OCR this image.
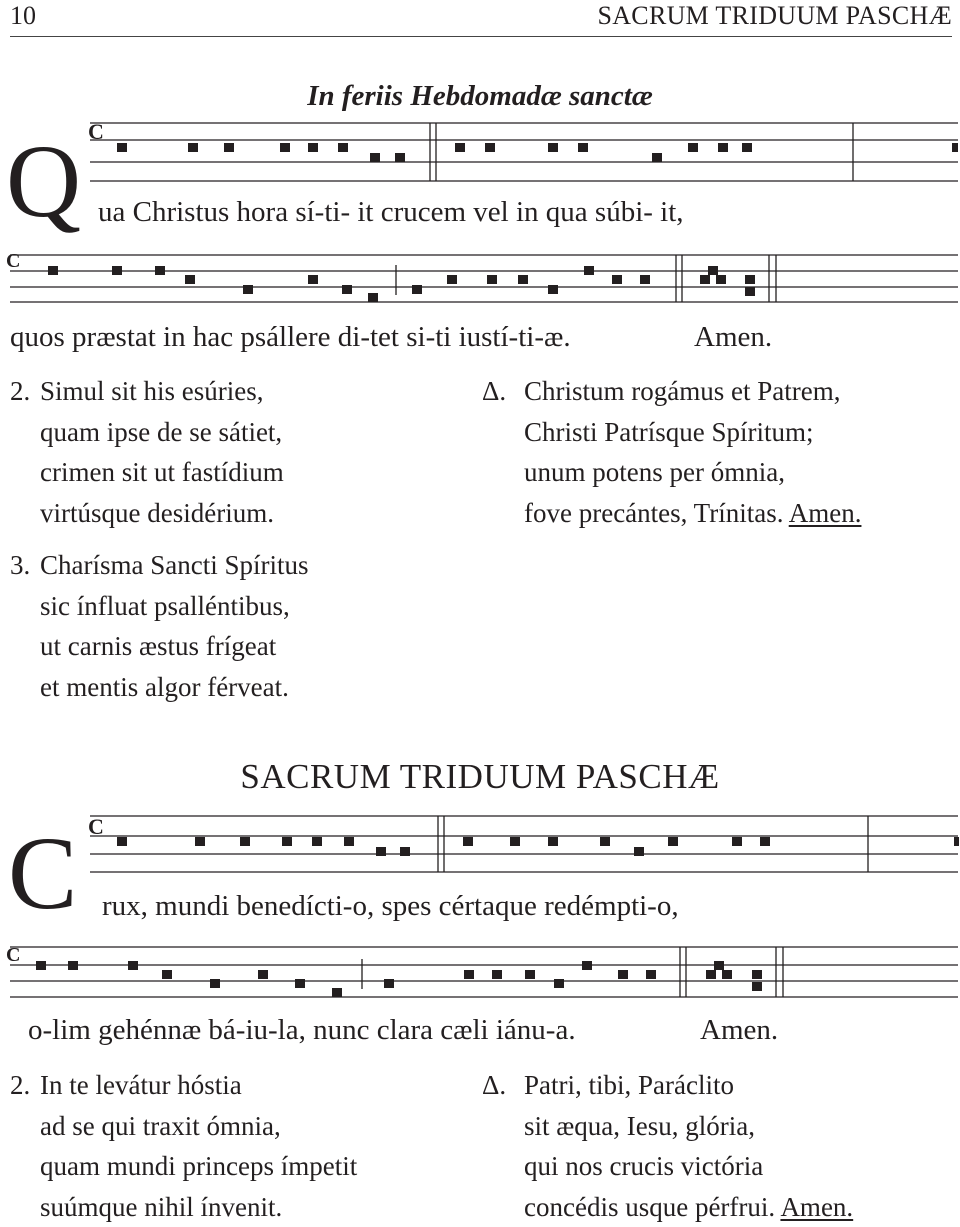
10	SACRUM TRIDUUM PASCHÆ
In feriis Hebdomadæ sanctæ
C
Q ua Christus hora sí-ti- it crucem vel in qua súbi- it,
C
quos præstat in hac psállere di-tet si-ti iustí-ti-æ.	Amen.
2. Simul sit his esúries,
quam ipse de se sátiet,
crimen sit ut fastídium
virtúsque desidérium.
3. Charísma Sancti Spíritus
sic ínfluat psalléntibus,
ut carnis æstus frígeat
et mentis algor férveat.
Δ. Christum rogámus et Patrem,
Christi Patrísque Spíritum;
unum potens per ómnia,
fove precántes, Trínitas. Amen.
SACRUM TRIDUUM PASCHÆ
C
C rux, mundi benedícti-o, spes cértaque redémpti-o,
C
o-lim gehénnæ bá-iu-la, nunc clara cæli iánu-a.	Amen.
2. In te levátur hóstia
ad se qui traxit ómnia,
quam mundi princeps ímpetit
suúmque nihil ínvenit.
Δ. Patri, tibi, Paráclito
sit æqua, Iesu, glória,
qui nos crucis victória
concédis usque pérfrui. Amen.
